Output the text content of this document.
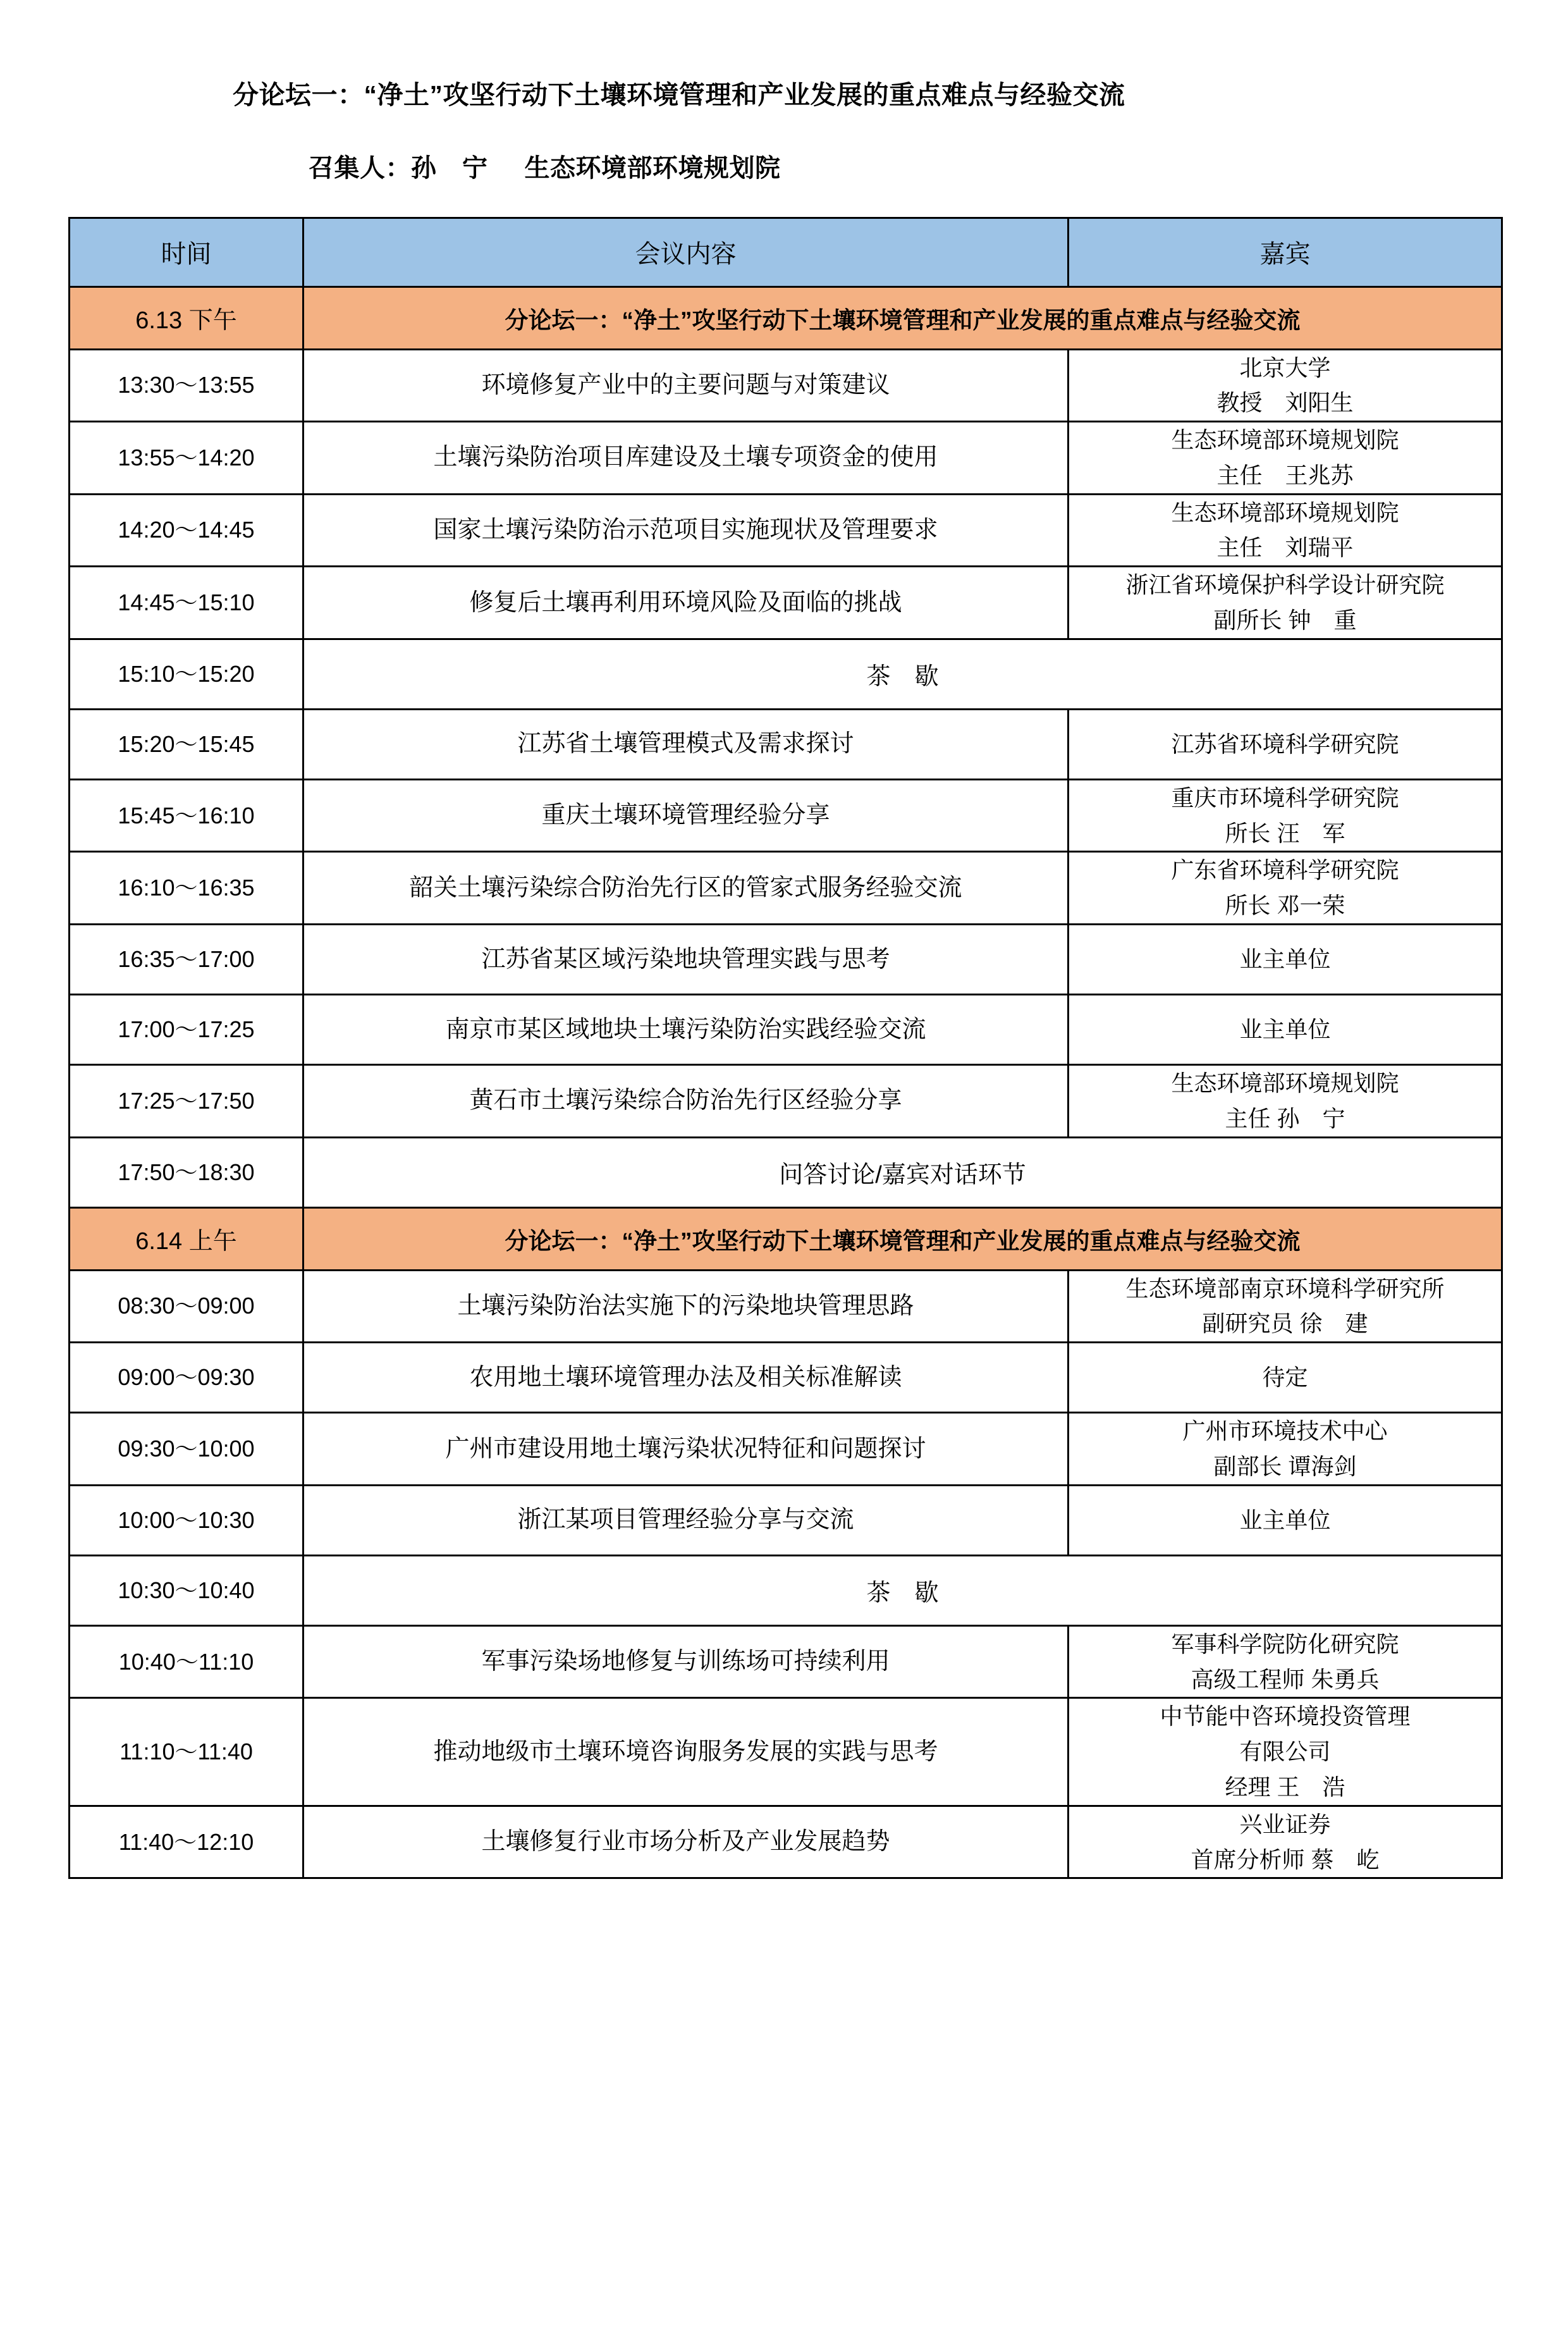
分论坛一：“净土”攻坚行动下土壤环境管理和产业发展的重点难点与经验交流
召集人：孙　宁 生态环境部环境规划院
时间	会议内容	嘉宾
6.13 下午	分论坛一：“净土”攻坚行动下土壤环境管理和产业发展的重点难点与经验交流	
13:30～13:55	环境修复产业中的主要问题与对策建议	北京大学
教授　刘阳生

13:55～14:20	土壤污染防治项目库建设及土壤专项资金的使用	生态环境部环境规划院
主任　王兆苏

14:20～14:45	国家土壤污染防治示范项目实施现状及管理要求	生态环境部环境规划院
主任　刘瑞平

14:45～15:10	修复后土壤再利用环境风险及面临的挑战	浙江省环境保护科学设计研究院
副所长 钟　重

15:10～15:20	茶　歇	
15:20～15:45	江苏省土壤管理模式及需求探讨	江苏省环境科学研究院

15:45～16:10	重庆土壤环境管理经验分享	重庆市环境科学研究院
所长 汪　军

16:10～16:35	韶关土壤污染综合防治先行区的管家式服务经验交流	广东省环境科学研究院
所长 邓一荣

16:35～17:00	江苏省某区域污染地块管理实践与思考	业主单位

17:00～17:25	南京市某区域地块土壤污染防治实践经验交流	业主单位

17:25～17:50	黄石市土壤污染综合防治先行区经验分享	生态环境部环境规划院
主任 孙　宁

17:50～18:30	问答讨论/嘉宾对话环节	
6.14 上午	分论坛一：“净土”攻坚行动下土壤环境管理和产业发展的重点难点与经验交流	
08:30～09:00	土壤污染防治法实施下的污染地块管理思路	生态环境部南京环境科学研究所
副研究员 徐　建

09:00～09:30	农用地土壤环境管理办法及相关标准解读	待定

09:30～10:00	广州市建设用地土壤污染状况特征和问题探讨	广州市环境技术中心
副部长 谭海剑

10:00～10:30	浙江某项目管理经验分享与交流	业主单位

10:30～10:40	茶　歇	
10:40～11:10	军事污染场地修复与训练场可持续利用	军事科学院防化研究院
高级工程师 朱勇兵

11:10～11:40	推动地级市土壤环境咨询服务发展的实践与思考	中节能中咨环境投资管理
有限公司
经理 王　浩

11:40～12:10	土壤修复行业市场分析及产业发展趋势	兴业证券
首席分析师 蔡　屹
